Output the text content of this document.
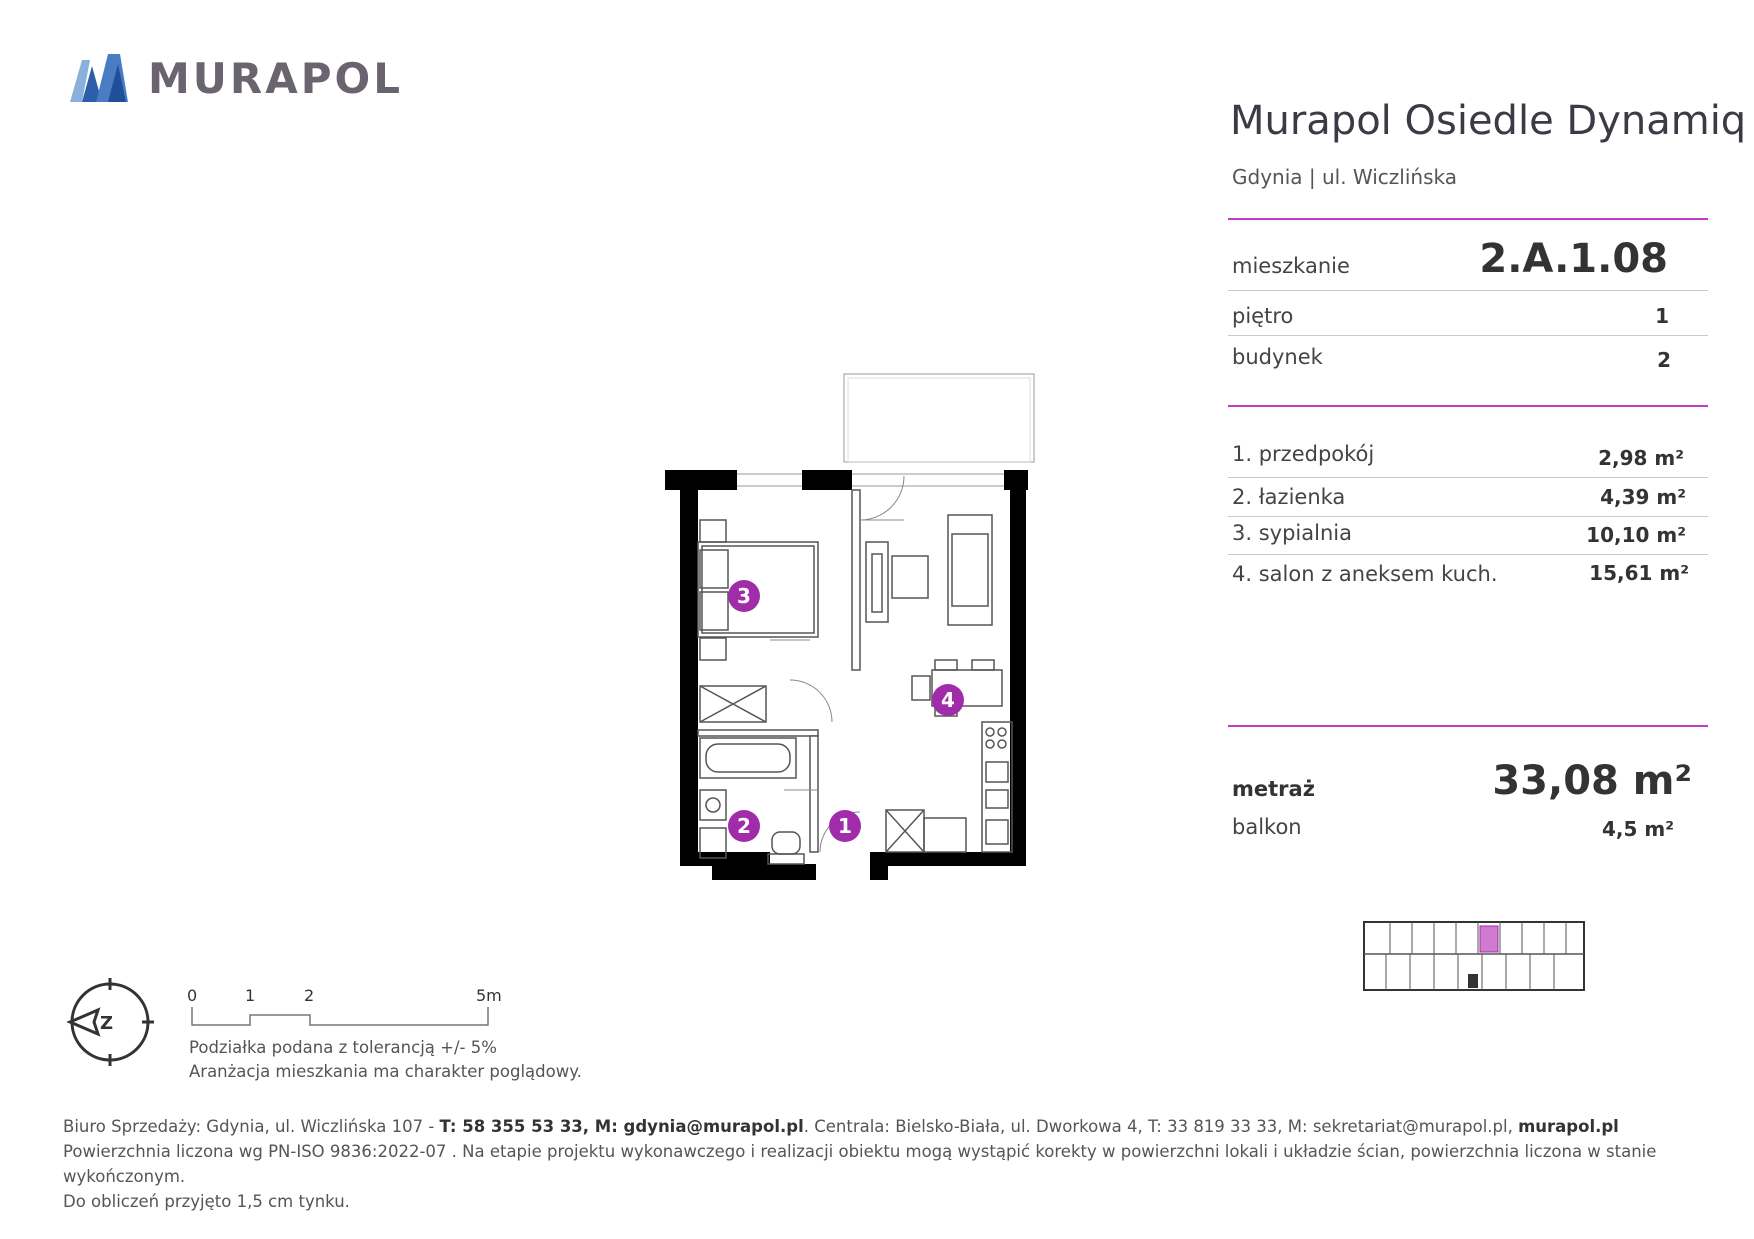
MURAPOL
Murapol Osiedle Dynamiq
Gdynia | ul. Wiczlińska
mieszkanie	2.A.1.08
piętro	1
budynek	2
1. przedpokój	2,98 m²
2. łazienka	4,39 m²
3. sypialnia	10,10 m²
4. salon z aneksem kuch.	15,61 m²
metraż	33,08 m²
balkon	4,5 m²
3
4
2	1
Z
0	1	2	5m
Podziałka podana z tolerancją +/- 5%
Aranżacja mieszkania ma charakter poglądowy.
Biuro Sprzedaży: Gdynia, ul. Wiczlińska 107 - T: 58 355 53 33, M: gdynia@murapol.pl. Centrala: Bielsko-Biała, ul. Dworkowa 4, T: 33 819 33 33, M: sekretariat@murapol.pl, murapol.pl
Powierzchnia liczona wg PN-ISO 9836:2022-07 . Na etapie projektu wykonawczego i realizacji obiektu mogą wystąpić korekty w powierzchni lokali i układzie ścian, powierzchnia liczona w stanie wykończonym.
Do obliczeń przyjęto 1,5 cm tynku.
